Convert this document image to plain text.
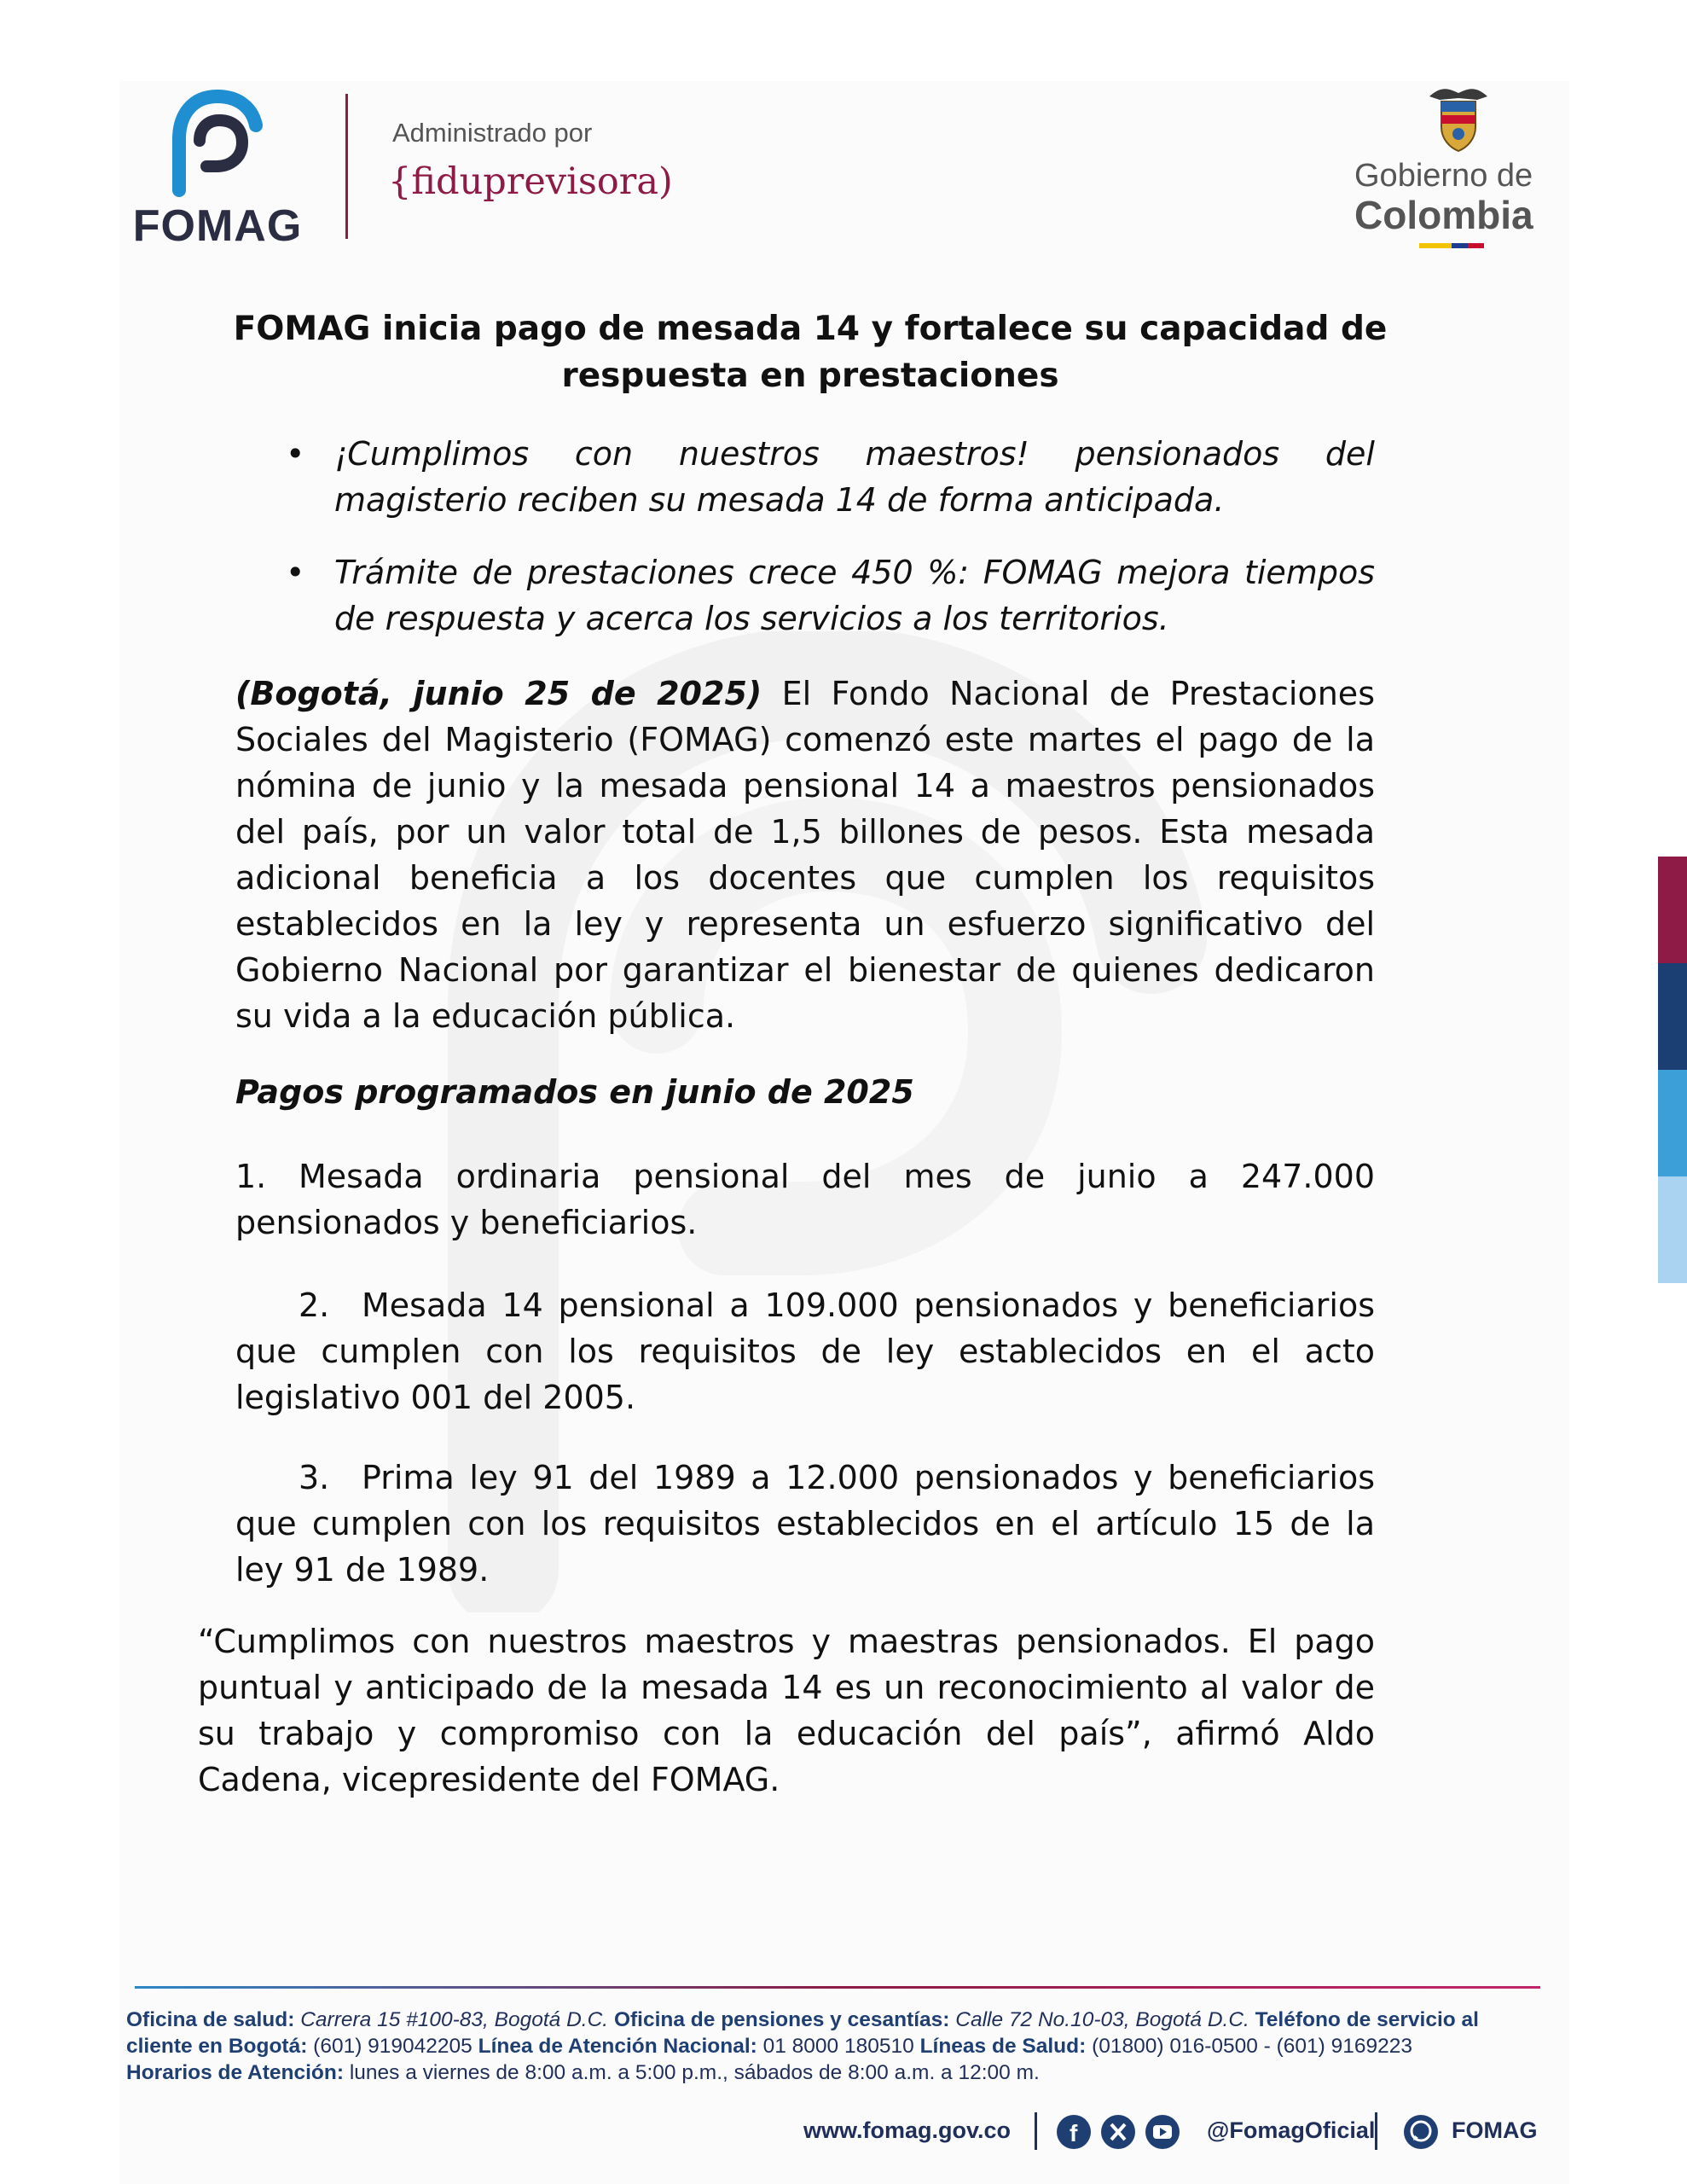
FOMAG
Administrado por
{fiduprevisora)	Gobierno de
Colombia
FOMAG inicia pago de mesada 14 y fortalece su capacidad de respuesta en prestaciones
• ¡Cumplimos con nuestros maestros! pensionados del magisterio reciben su mesada 14 de forma anticipada.
• Trámite de prestaciones crece 450 %: FOMAG mejora tiempos de respuesta y acerca los servicios a los territorios.

(Bogotá, junio 25 de 2025) El Fondo Nacional de Prestaciones Sociales del Magisterio (FOMAG) comenzó este martes el pago de la nómina de junio y la mesada pensional 14 a maestros pensionados del país, por un valor total de 1,5 billones de pesos. Esta mesada adicional beneficia a los docentes que cumplen los requisitos establecidos en la ley y representa un esfuerzo significativo del Gobierno Nacional por garantizar el bienestar de quienes dedicaron su vida a la educación pública.

Pagos programados en junio de 2025

1. Mesada ordinaria pensional del mes de junio a 247.000 pensionados y beneficiarios.

2. Mesada 14 pensional a 109.000 pensionados y beneficiarios que cumplen con los requisitos de ley establecidos en el acto legislativo 001 del 2005.

3. Prima ley 91 del 1989 a 12.000 pensionados y beneficiarios que cumplen con los requisitos establecidos en el artículo 15 de la ley 91 de 1989.

“Cumplimos con nuestros maestros y maestras pensionados. El pago puntual y anticipado de la mesada 14 es un reconocimiento al valor de su trabajo y compromiso con la educación del país”, afirmó Aldo Cadena, vicepresidente del FOMAG.

Oficina de salud: Carrera 15 #100-83, Bogotá D.C. Oficina de pensiones y cesantías: Calle 72 No.10-03, Bogotá D.C. Teléfono de servicio al cliente en Bogotá: (601) 919042205 Línea de Atención Nacional: 01 8000 180510 Líneas de Salud: (01800) 016-0500 - (601) 9169223
Horarios de Atención: lunes a viernes de 8:00 a.m. a 5:00 p.m., sábados de 8:00 a.m. a 12:00 m.
www.fomag.gov.co f	@FomagOficial	FOMAG
